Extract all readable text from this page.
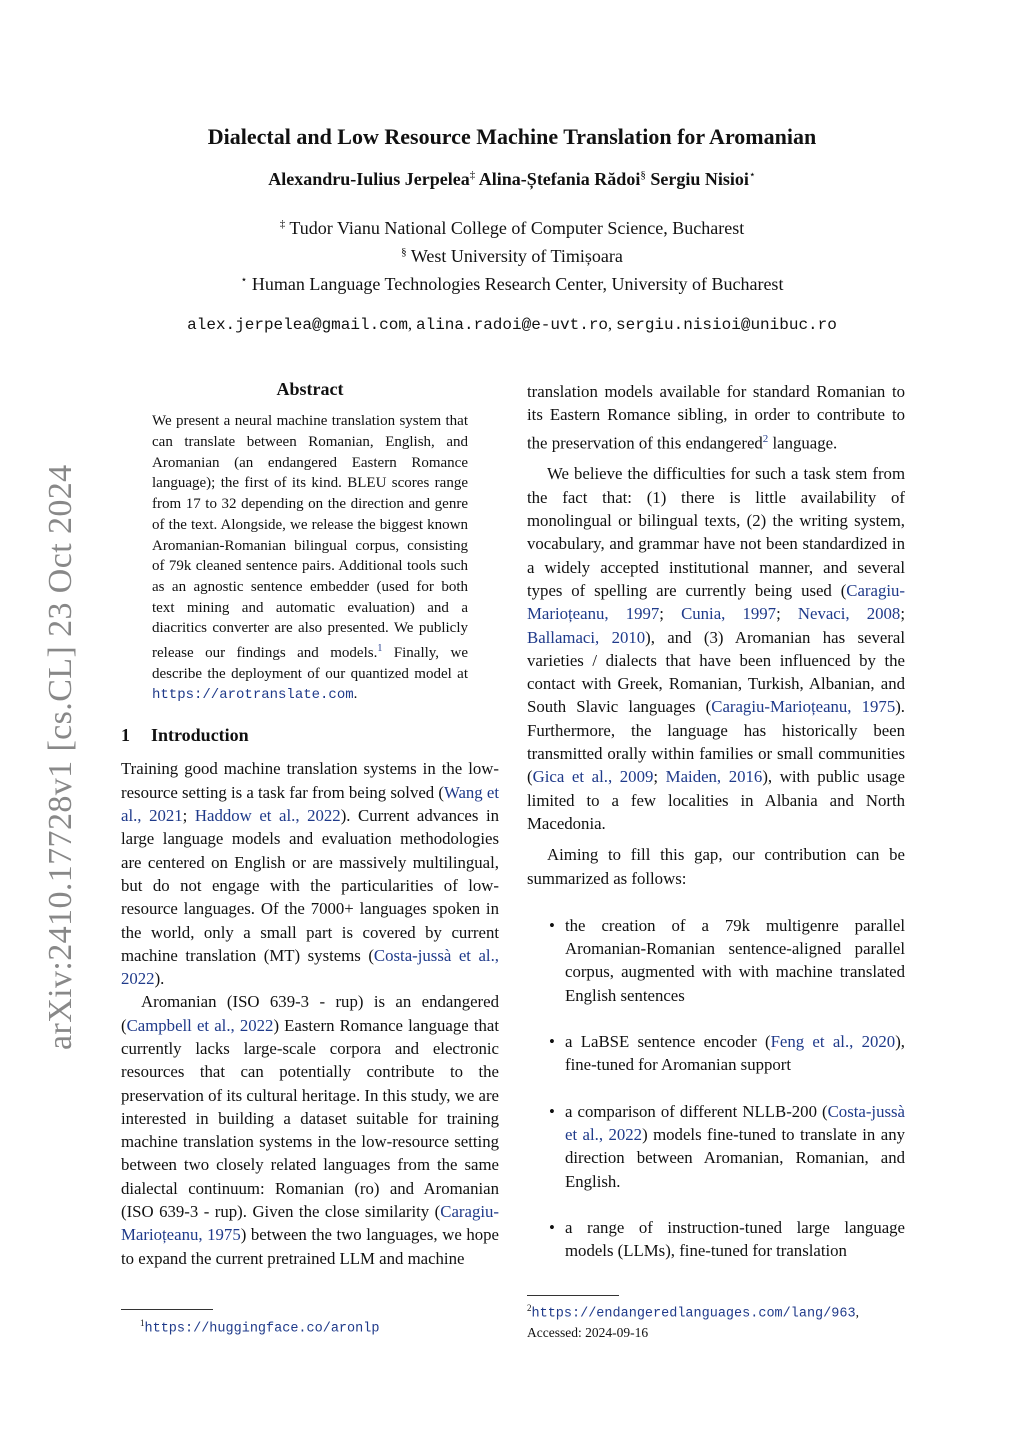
arXiv:2410.17728v1 [cs.CL] 23 Oct 2024
Dialectal and Low Resource Machine Translation for Aromanian
Alexandru-Iulius Jerpelea‡ Alina-Ștefania Rădoi§ Sergiu Nisioi⋆
‡ Tudor Vianu National College of Computer Science, Bucharest
§ West University of Timișoara
⋆ Human Language Technologies Research Center, University of Bucharest
alex.jerpelea@gmail.com, alina.radoi@e-uvt.ro, sergiu.nisioi@unibuc.ro
Abstract
We present a neural machine translation system that can translate between Romanian, English, and Aromanian (an endangered Eastern Romance language); the first of its kind. BLEU scores range from 17 to 32 depending on the direction and genre of the text. Alongside, we release the biggest known Aromanian-Romanian bilingual corpus, consisting of 79k cleaned sentence pairs. Additional tools such as an agnostic sentence embedder (used for both text mining and automatic evaluation) and a diacritics converter are also presented. We publicly release our findings and models.$^1$ Finally, we describe the deployment of our quantized model at https://arotranslate.com.
1 Introduction

Training good machine translation systems in the low-resource setting is a task far from being solved (Wang et al., 2021; Haddow et al., 2022). Current advances in large language models and evaluation methodologies are centered on English or are massively multilingual, but do not engage with the particularities of low-resource languages. Of the 7000+ languages spoken in the world, only a small part is covered by current machine translation (MT) systems (Costa-jussà et al., 2022).

Aromanian (ISO 639-3 - rup) is an endangered (Campbell et al., 2022) Eastern Romance language that currently lacks large-scale corpora and electronic resources that can potentially contribute to the preservation of its cultural heritage. In this study, we are interested in building a dataset suitable for training machine translation systems in the low-resource setting between two closely related languages from the same dialectal continuum: Romanian (ro) and Aromanian (ISO 639-3 - rup). Given the close similarity (Caragiu-Marioțeanu, 1975) between the two languages, we hope to expand the current pretrained LLM and machine

$^1$https://huggingface.co/aronlp

translation models available for standard Romanian to its Eastern Romance sibling, in order to contribute to the preservation of this endangered$^2$ language.

We believe the difficulties for such a task stem from the fact that: (1) there is little availability of monolingual or bilingual texts, (2) the writing system, vocabulary, and grammar have not been standardized in a widely accepted institutional manner, and several types of spelling are currently being used (Caragiu-Marioțeanu, 1997; Cunia, 1997; Nevaci, 2008; Ballamaci, 2010), and (3) Aromanian has several varieties / dialects that have been influenced by the contact with Greek, Romanian, Turkish, Albanian, and South Slavic languages (Caragiu-Marioțeanu, 1975). Furthermore, the language has historically been transmitted orally within families or small communities (Gica et al., 2009; Maiden, 2016), with public usage limited to a few localities in Albania and North Macedonia.

Aiming to fill this gap, our contribution can be summarized as follows:

• the creation of a 79k multigenre parallel Aromanian-Romanian sentence-aligned parallel corpus, augmented with with machine translated English sentences
• a LaBSE sentence encoder (Feng et al., 2020), fine-tuned for Aromanian support
• a comparison of different NLLB-200 (Costa-jussà et al., 2022) models fine-tuned to translate in any direction between Aromanian, Romanian, and English.
• a range of instruction-tuned large language models (LLMs), fine-tuned for translation
$^2$https://endangeredlanguages.com/lang/963, Accessed: 2024-09-16
